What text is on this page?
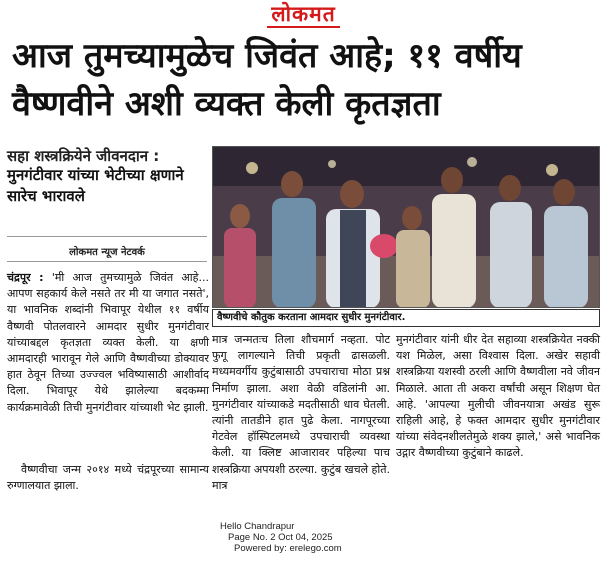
लोकमत
आज तुमच्यामुळेच जिवंत आहे; ११ वर्षीय
वैष्णवीने अशी व्यक्त केली कृतज्ञता
सहा शस्त्रक्रियेने जीवनदान :
मुनगंटीवार यांच्या भेटीच्या क्षणाने सारेच भारावले
लोकमत न्यूज नेटवर्क
वैष्णवीचे कौतुक करताना आमदार सुधीर मुनगंटीवार.

चंद्रपूर : 'मी आज तुमच्यामुळे जिवंत आहे... आपण सहकार्य केले नसते तर मी या जगात नसते', या भावनिक शब्दांनी भिवापूर येथील ११ वर्षीय वैष्णवी पोतलवारने आमदार सुधीर मुनगंटीवार यांच्याबद्दल कृतज्ञता व्यक्त केली. या क्षणी आमदारही भारावून गेले आणि वैष्णवीच्या डोक्यावर हात ठेवून तिच्या उज्ज्वल भविष्यासाठी आशीर्वाद दिला. भिवापूर येथे झालेल्या बदकम्मा कार्यक्रमावेळी तिची मुनगंटीवार यांच्याशी भेट झाली.

वैष्णवीचा जन्म २०१४ मध्ये चंद्रपूरच्या सामान्य रुग्णालयात झाला.

मात्र जन्मतःच तिला शौचमार्ग नव्हता. पोट फुगू लागल्याने तिची प्रकृती ढासळली. मध्यमवर्गीय कुटुंबासाठी उपचाराचा मोठा प्रश्न निर्माण झाला. अशा वेळी वडिलांनी आ. मुनगंटीवार यांच्याकडे मदतीसाठी धाव घेतली. त्यांनी तातडीने हात पुढे केला. नागपूरच्या गेटवेल हॉस्पिटलमध्ये उपचाराची व्यवस्था केली. या क्लिष्ट आजारावर पहिल्या पाच शस्त्रक्रिया अपयशी ठरल्या. कुटुंब खचले होते. मात्र

मुनगंटीवार यांनी धीर देत सहाव्या शस्त्रक्रियेत नक्की यश मिळेल, असा विश्वास दिला. अखेर सहावी शस्त्रक्रिया यशस्वी ठरली आणि वैष्णवीला नवे जीवन मिळाले. आता ती अकरा वर्षांची असून शिक्षण घेत आहे. 'आपल्या मुलीची जीवनयात्रा अखंड सुरू राहिली आहे, हे फक्त आमदार सुधीर मुनगंटीवार यांच्या संवेदनशीलतेमुळे शक्य झाले,' असे भावनिक उद्गार वैष्णवीच्या कुटुंबाने काढले.

Hello Chandrapur
Page No. 2 Oct 04, 2025
Powered by: erelego.com
